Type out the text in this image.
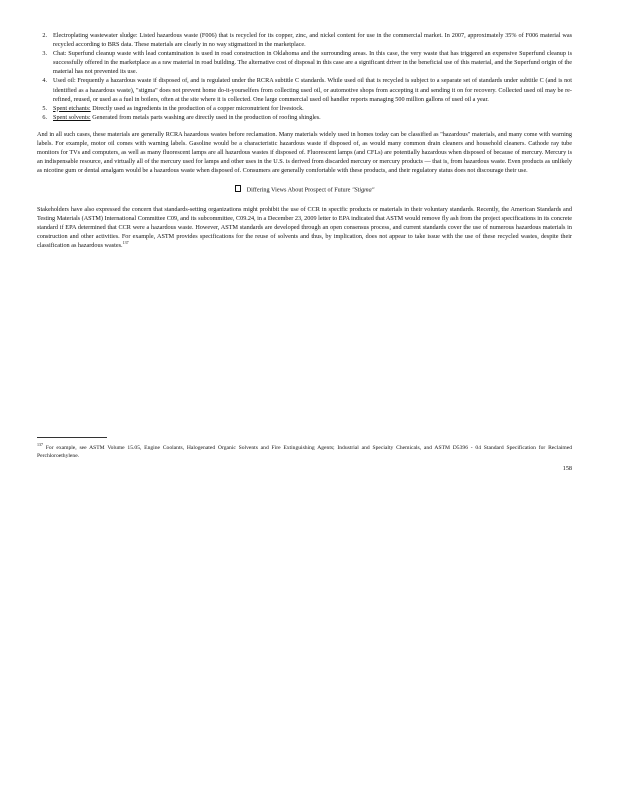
2. Electroplating wastewater sludge: Listed hazardous waste (F006) that is recycled for its copper, zinc, and nickel content for use in the commercial market. In 2007, approximately 35% of F006 material was recycled according to BRS data. These materials are clearly in no way stigmatized in the marketplace.
3. Chat: Superfund cleanup waste with lead contamination is used in road construction in Oklahoma and the surrounding areas. In this case, the very waste that has triggered an expensive Superfund cleanup is successfully offered in the marketplace as a raw material in road building. The alternative cost of disposal in this case are a significant driver in the beneficial use of this material, and the Superfund origin of the material has not prevented its use.
4. Used oil: Frequently a hazardous waste if disposed of, and is regulated under the RCRA subtitle C standards. While used oil that is recycled is subject to a separate set of standards under subtitle C (and is not identified as a hazardous waste), "stigma" does not prevent home do-it-yourselfers from collecting used oil, or automotive shops from accepting it and sending it on for recovery. Collected used oil may be re-refined, reused, or used as a fuel in boilers, often at the site where it is collected. One large commercial used oil handler reports managing 500 million gallons of used oil a year.
5. Spent etchants: Directly used as ingredients in the production of a copper micronutrient for livestock.
6. Spent solvents: Generated from metals parts washing are directly used in the production of roofing shingles.

And in all such cases, these materials are generally RCRA hazardous wastes before reclamation. Many materials widely used in homes today can be classified as "hazardous" materials, and many come with warning labels. For example, motor oil comes with warning labels. Gasoline would be a characteristic hazardous waste if disposed of, as would many common drain cleaners and household cleaners. Cathode ray tube monitors for TVs and computers, as well as many fluorescent lamps are all hazardous wastes if disposed of. Fluorescent lamps (and CFLs) are potentially hazardous when disposed of because of mercury. Mercury is an indispensable resource, and virtually all of the mercury used for lamps and other uses in the U.S. is derived from discarded mercury or mercury products — that is, from hazardous waste. Even products as unlikely as nicotine gum or dental amalgam would be a hazardous waste when disposed of. Consumers are generally comfortable with these products, and their regulatory status does not discourage their use.

Differing Views About Prospect of Future "Stigma"

Stakeholders have also expressed the concern that standards-setting organizations might prohibit the use of CCR in specific products or materials in their voluntary standards. Recently, the American Standards and Testing Materials (ASTM) International Committee C09, and its subcommittee, C09.24, in a December 23, 2009 letter to EPA indicated that ASTM would remove fly ash from the project specifications in its concrete standard if EPA determined that CCR were a hazardous waste. However, ASTM standards are developed through an open consensus process, and current standards cover the use of numerous hazardous materials in construction and other activities. For example, ASTM provides specifications for the reuse of solvents and thus, by implication, does not appear to take issue with the use of these recycled wastes, despite their classification as hazardous wastes.$^{137}$

$^{137}$ For example, see ASTM Volume 15.05, Engine Coolants, Halogenated Organic Solvents and Fire Extinguishing Agents; Industrial and Specialty Chemicals, and ASTM D5396 - 04 Standard Specification for Reclaimed Perchloroethylene.
158
